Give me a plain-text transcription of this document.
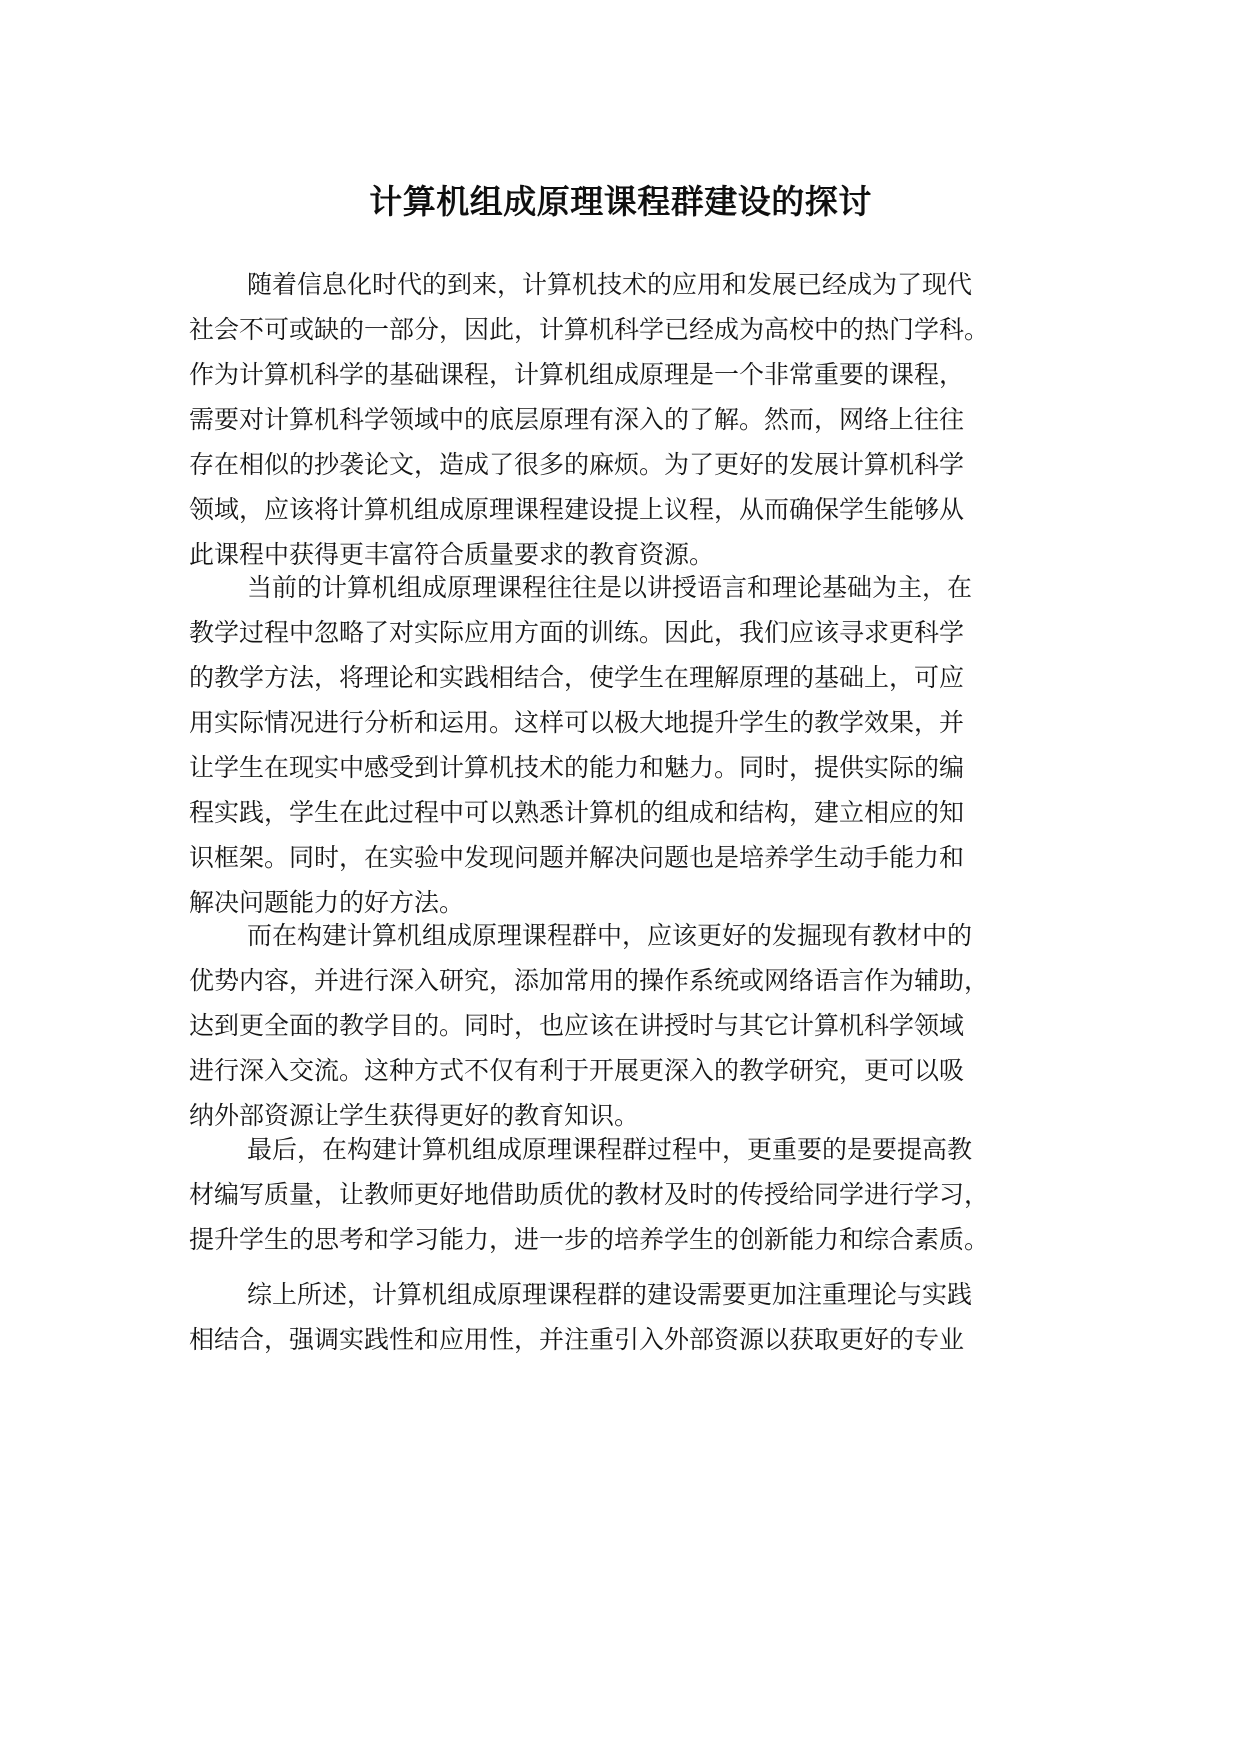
计算机组成原理课程群建设的探讨
随着信息化时代的到来，计算机技术的应用和发展已经成为了现代
社会不可或缺的一部分，因此，计算机科学已经成为高校中的热门学科。
作为计算机科学的基础课程，计算机组成原理是一个非常重要的课程，
需要对计算机科学领域中的底层原理有深入的了解。然而，网络上往往
存在相似的抄袭论文，造成了很多的麻烦。为了更好的发展计算机科学
领域，应该将计算机组成原理课程建设提上议程，从而确保学生能够从
此课程中获得更丰富符合质量要求的教育资源。
当前的计算机组成原理课程往往是以讲授语言和理论基础为主，在
教学过程中忽略了对实际应用方面的训练。因此，我们应该寻求更科学
的教学方法，将理论和实践相结合，使学生在理解原理的基础上，可应
用实际情况进行分析和运用。这样可以极大地提升学生的教学效果，并
让学生在现实中感受到计算机技术的能力和魅力。同时，提供实际的编
程实践，学生在此过程中可以熟悉计算机的组成和结构，建立相应的知
识框架。同时，在实验中发现问题并解决问题也是培养学生动手能力和
解决问题能力的好方法。
而在构建计算机组成原理课程群中，应该更好的发掘现有教材中的
优势内容，并进行深入研究，添加常用的操作系统或网络语言作为辅助，
达到更全面的教学目的。同时，也应该在讲授时与其它计算机科学领域
进行深入交流。这种方式不仅有利于开展更深入的教学研究，更可以吸
纳外部资源让学生获得更好的教育知识。
最后，在构建计算机组成原理课程群过程中，更重要的是要提高教
材编写质量，让教师更好地借助质优的教材及时的传授给同学进行学习，
提升学生的思考和学习能力，进一步的培养学生的创新能力和综合素质。
综上所述，计算机组成原理课程群的建设需要更加注重理论与实践
相结合，强调实践性和应用性，并注重引入外部资源以获取更好的专业
